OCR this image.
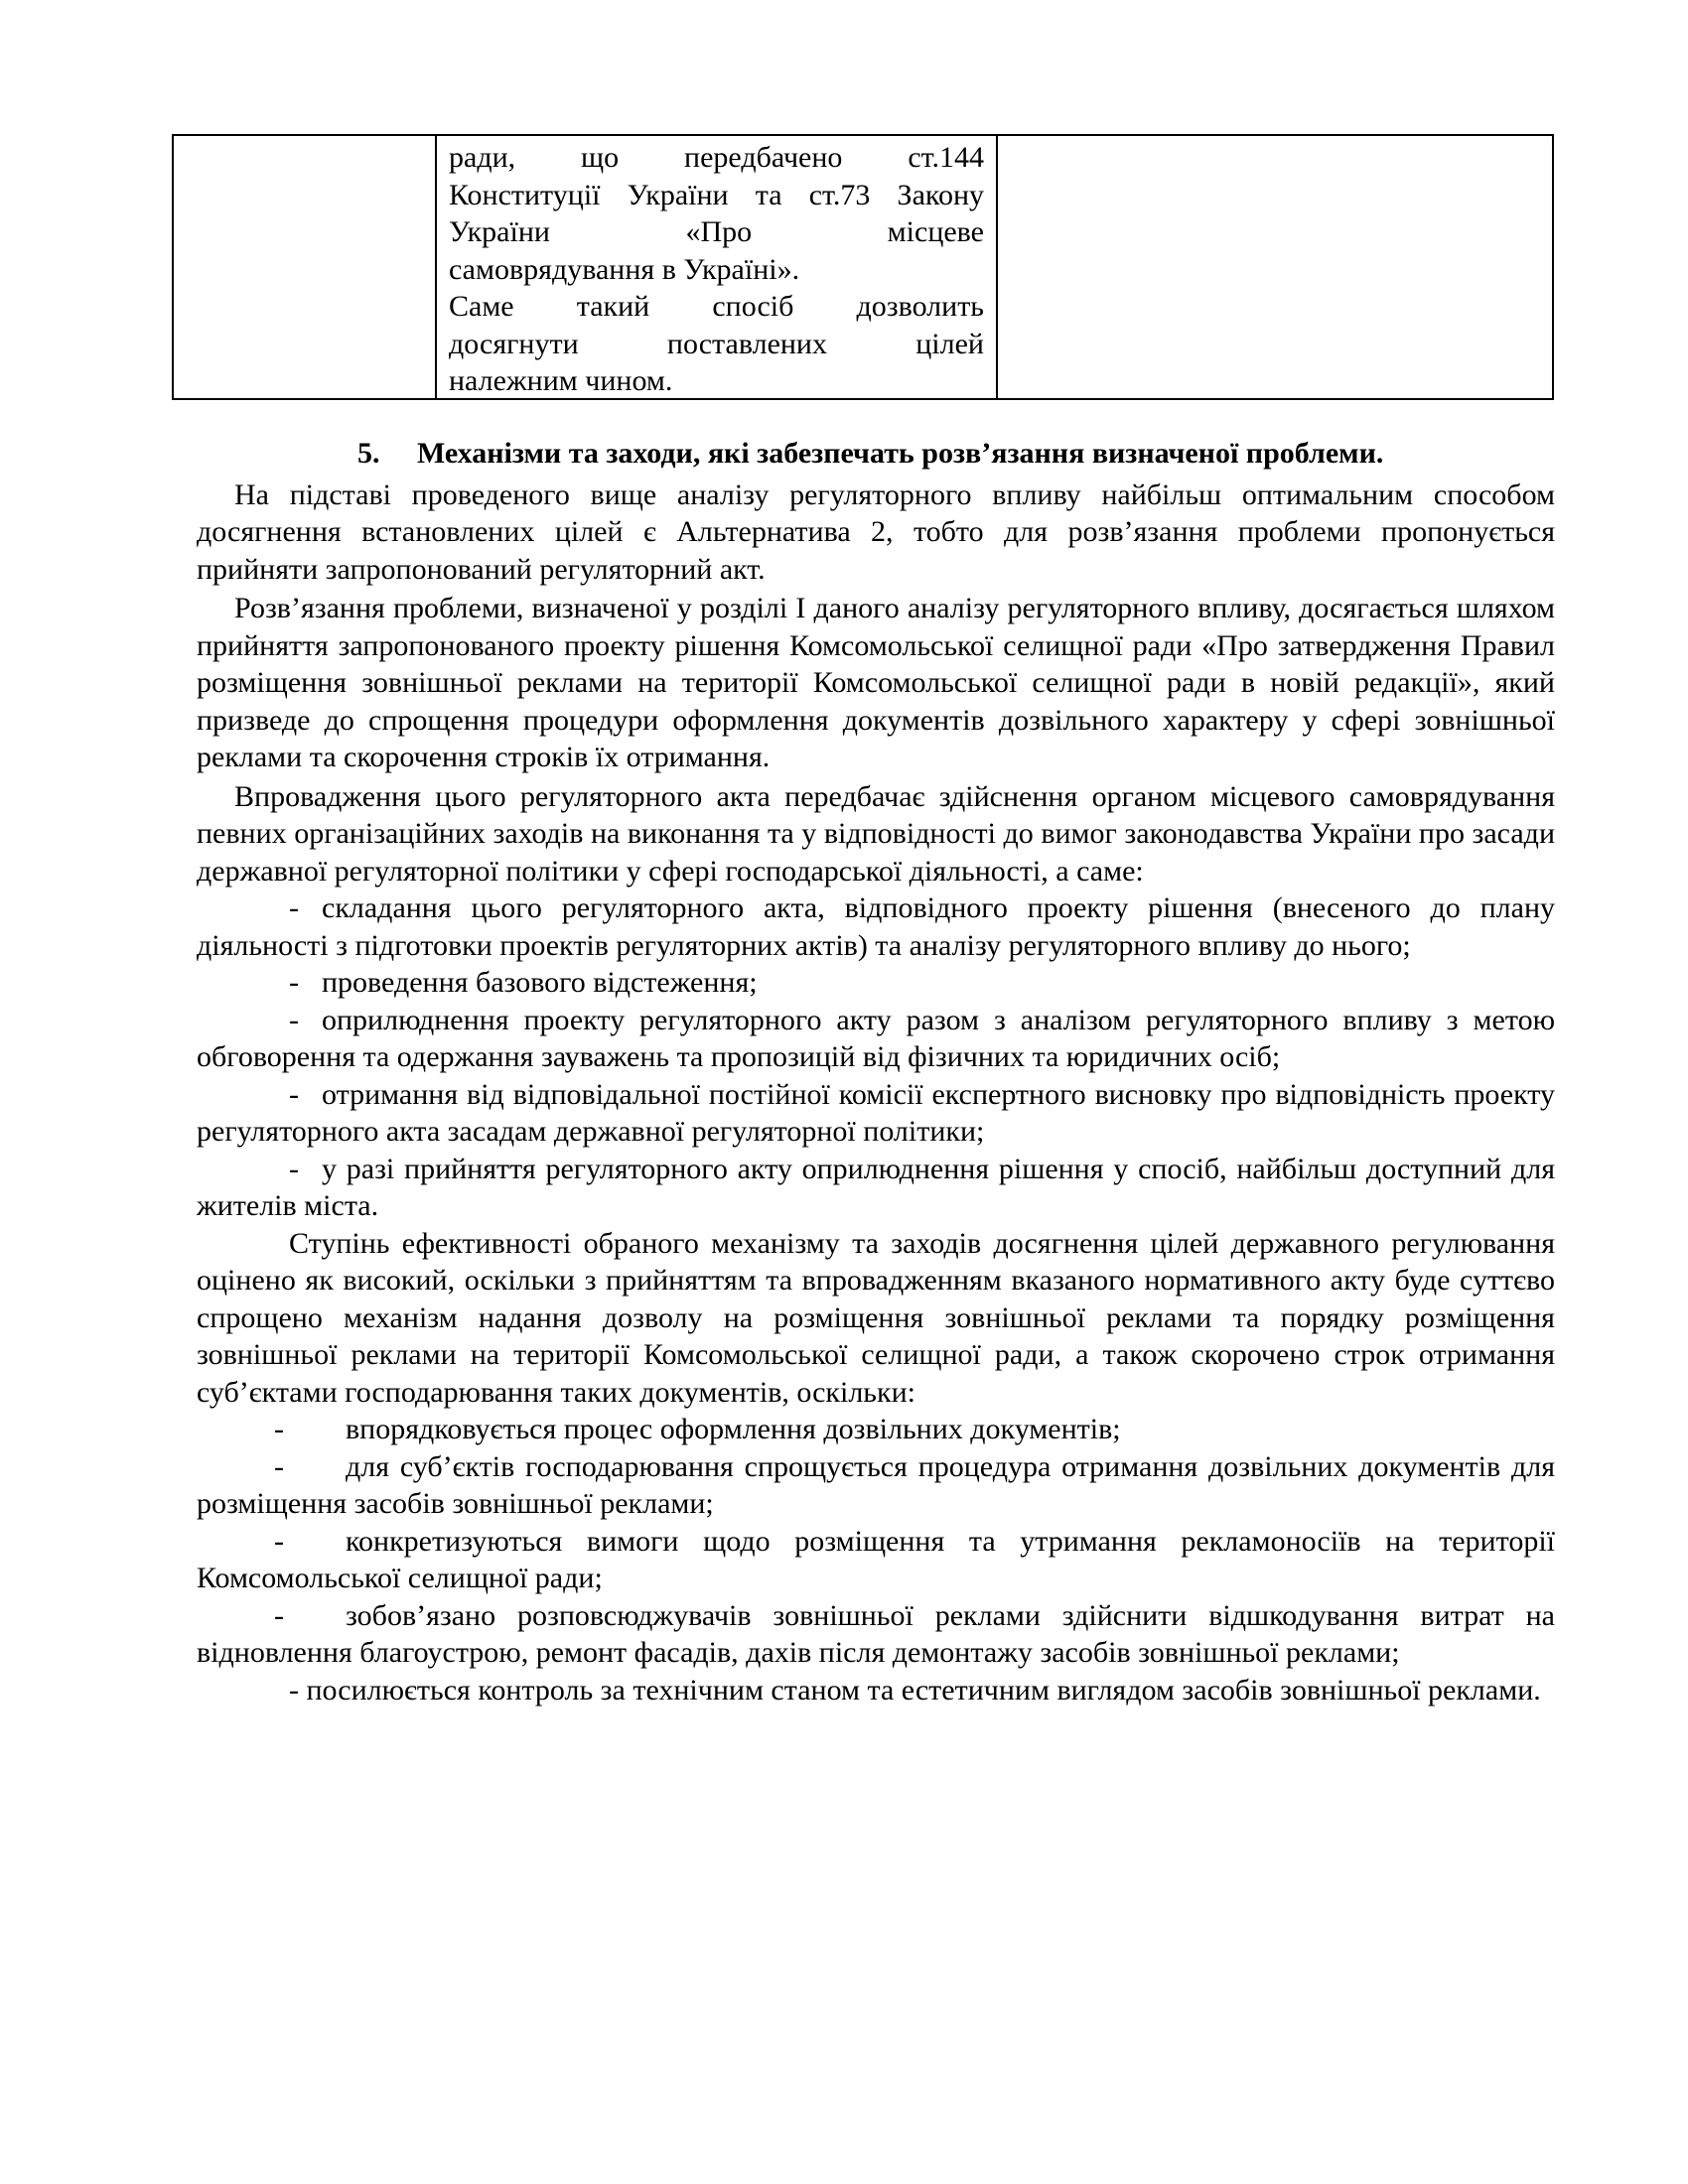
ради, що передбачено ст.144

Конституції України та ст.73 Закону

України «Про місцеве

самоврядування в Україні».

Саме такий спосіб дозволить

досягнути поставлених цілей

належним чином.

5. Механізми та заходи, які забезпечать розв’язання визначеної проблеми.

На підставі проведеного вище аналізу регуляторного впливу найбільш оптимальним способом досягнення встановлених цілей є Альтернатива 2, тобто для розв’язання проблеми пропонується прийняти запропонований регуляторний акт.

Розв’язання проблеми, визначеної у розділі І даного аналізу регуляторного впливу, досягається шляхом прийняття запропонованого проекту рішення Комсомольської селищної ради «Про затвердження Правил розміщення зовнішньої реклами на території Комсомольської селищної ради в новій редакції», який призведе до спрощення процедури оформлення документів дозвільного характеру у сфері зовнішньої реклами та скорочення строків їх отримання.

Впровадження цього регуляторного акта передбачає здійснення органом місцевого самоврядування певних організаційних заходів на виконання та у відповідності до вимог законодавства України про засади державної регуляторної політики у сфері господарської діяльності, а саме:

- складання цього регуляторного акта, відповідного проекту рішення (внесеного до плану діяльності з підготовки проектів регуляторних актів) та аналізу регуляторного впливу до нього;

- проведення базового відстеження;

- оприлюднення проекту регуляторного акту разом з аналізом регуляторного впливу з метою обговорення та одержання зауважень та пропозицій від фізичних та юридичних осіб;

- отримання від відповідальної постійної комісії експертного висновку про відповідність проекту регуляторного акта засадам державної регуляторної політики;

- у разі прийняття регуляторного акту оприлюднення рішення у спосіб, найбільш доступний для жителів міста.

Ступінь ефективності обраного механізму та заходів досягнення цілей державного регулювання оцінено як високий, оскільки з прийняттям та впровадженням вказаного нормативного акту буде суттєво спрощено механізм надання дозволу на розміщення зовнішньої реклами та порядку розміщення зовнішньої реклами на території Комсомольської селищної ради, а також скорочено строк отримання суб’єктами господарювання таких документів, оскільки:

- впорядковується процес оформлення дозвільних документів;

- для суб’єктів господарювання спрощується процедура отримання дозвільних документів для розміщення засобів зовнішньої реклами;

- конкретизуються вимоги щодо розміщення та утримання рекламоносіїв на території Комсомольської селищної ради;

- зобов’язано розповсюджувачів зовнішньої реклами здійснити відшкодування витрат на відновлення благоустрою, ремонт фасадів, дахів після демонтажу засобів зовнішньої реклами;

- посилюється контроль за технічним станом та естетичним виглядом засобів зовнішньої реклами.
